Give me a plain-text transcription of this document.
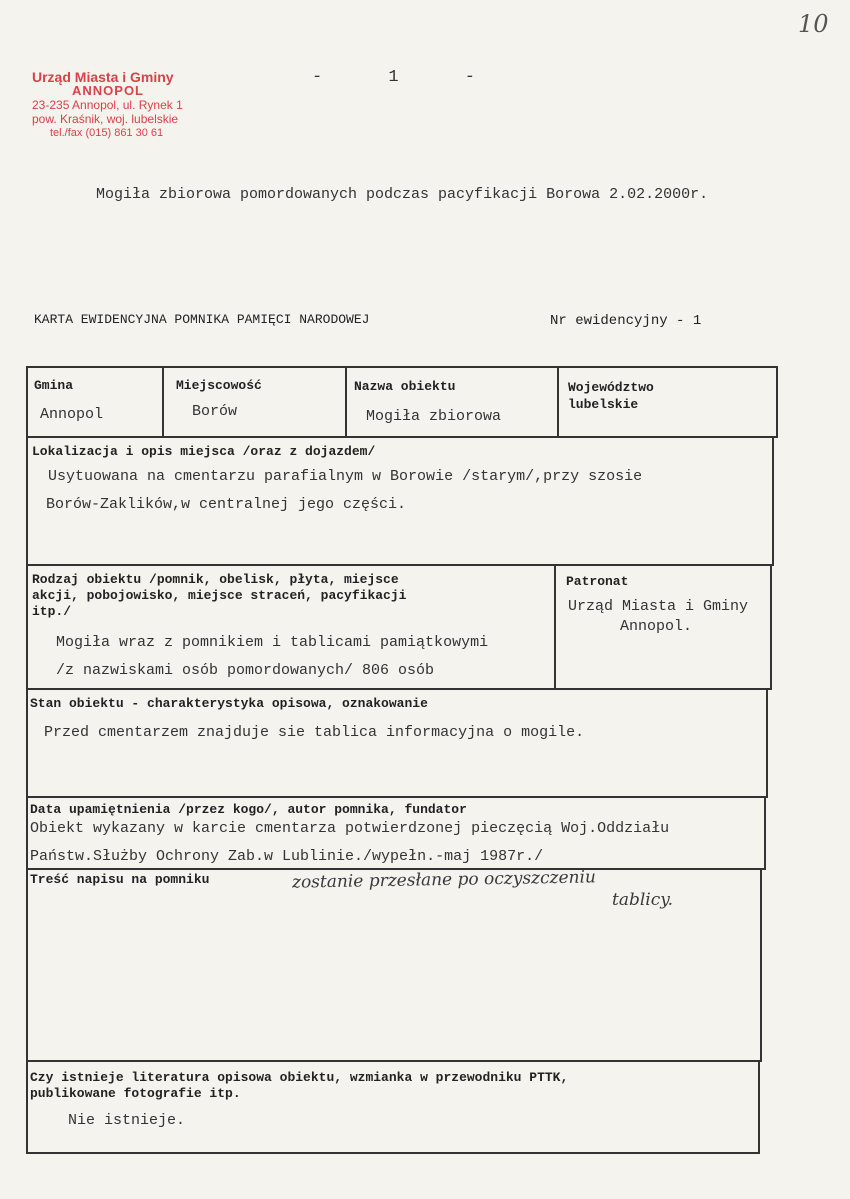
10
Urząd Miasta i Gminy
ANNOPOL
23-235 Annopol, ul. Rynek 1
pow. Kraśnik, woj. lubelskie
tel./fax (015) 861 30 61
- 1 -
Mogiła zbiorowa pomordowanych podczas pacyfikacji Borowa 2.02.2000r.
KARTA EWIDENCYJNA POMNIKA PAMIĘCI NARODOWEJ	Nr ewidencyjny - 1
Gmina
Annopol
Miejscowość
Borów
Nazwa obiektu
Mogiła zbiorowa
Województwo
lubelskie
Lokalizacja i opis miejsca /oraz z dojazdem/
Usytuowana na cmentarzu parafialnym w Borowie /starym/,przy szosie
Borów-Zaklików,w centralnej jego części.
Rodzaj obiektu /pomnik, obelisk, płyta, miejsce
akcji, pobojowisko, miejsce straceń, pacyfikacji
itp./
Mogiła wraz z pomnikiem i tablicami pamiątkowymi
/z nazwiskami osób pomordowanych/ 806 osób
Patronat
Urząd Miasta i Gminy
Annopol.
Stan obiektu - charakterystyka opisowa, oznakowanie
Przed cmentarzem znajduje sie tablica informacyjna o mogile.
Data upamiętnienia /przez kogo/, autor pomnika, fundator
Obiekt wykazany w karcie cmentarza potwierdzonej pieczęcią Woj.Oddziału
Państw.Służby Ochrony Zab.w Lublinie./wypełn.-maj 1987r./
Treść napisu na pomniku	zostanie przesłane po oczyszczeniu
tablicy.
Czy istnieje literatura opisowa obiektu, wzmianka w przewodniku PTTK,
publikowane fotografie itp.
Nie istnieje.
